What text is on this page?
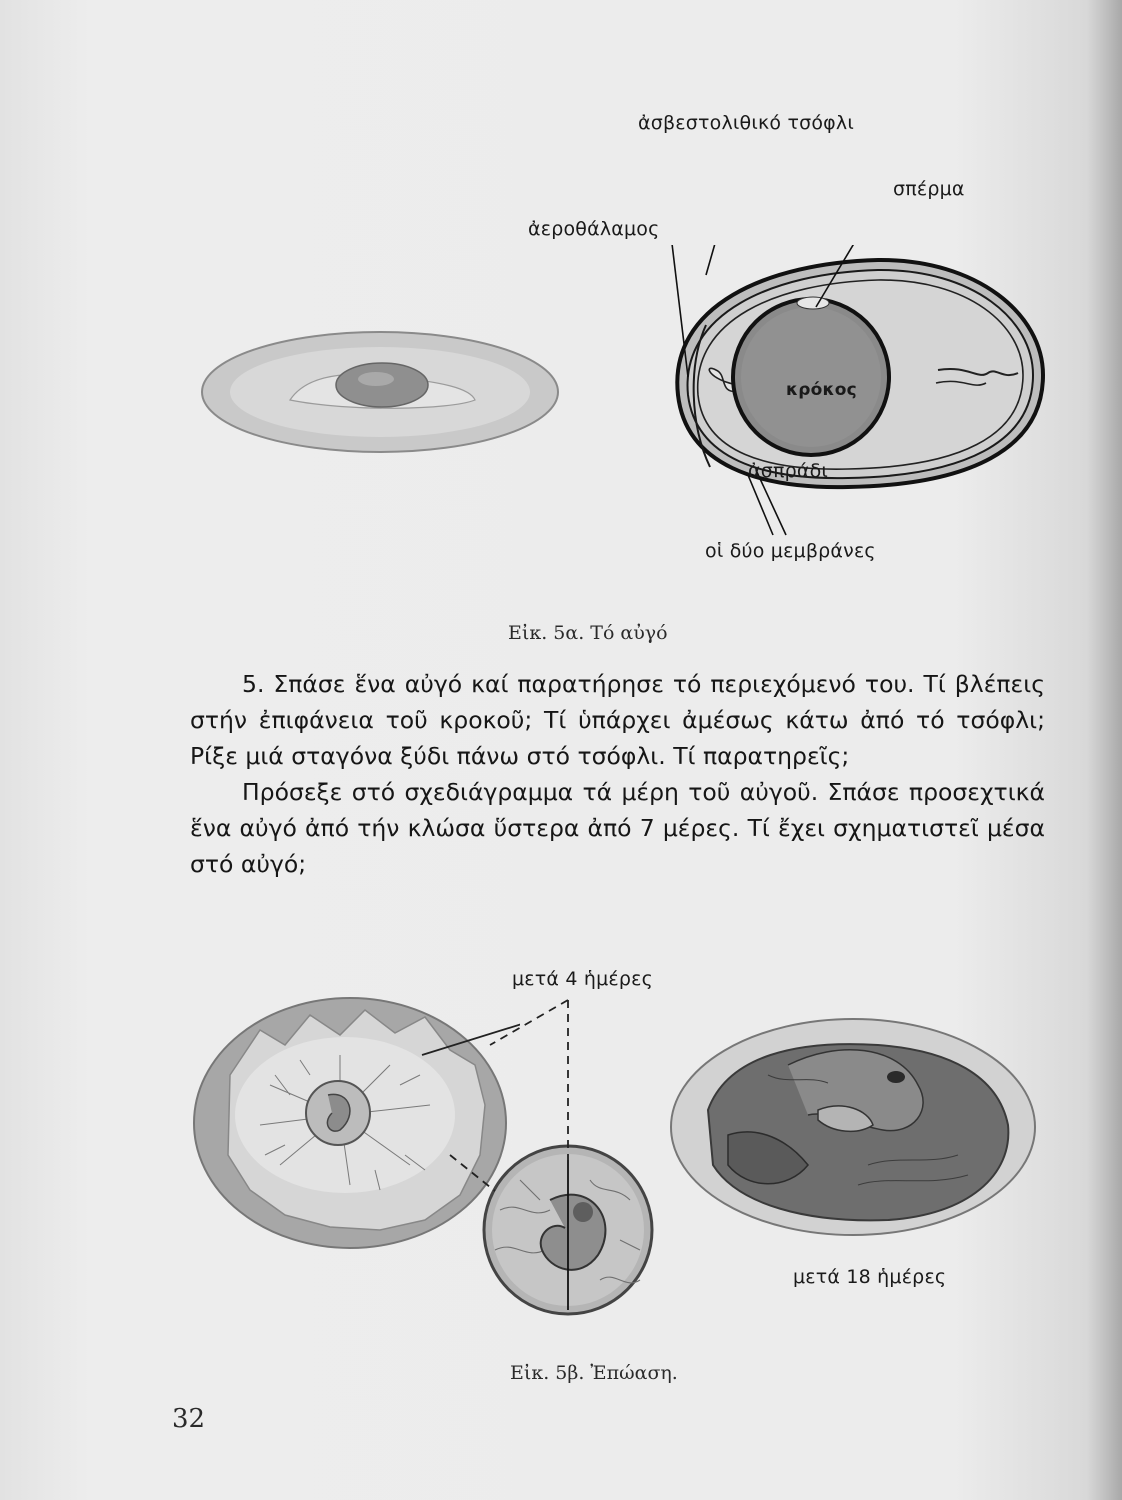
ἀσβεστολιθικό τσόφλι
σπέρμα
ἀεροθάλαμος
κρόκος
ἀσπράδι
οἱ δύο μεμβράνες
Εἰκ. 5α. Τό αὐγό

5. Σπάσε ἕνα αὐγό καί παρατήρησε τό περιεχόμενό του. Τί βλέπεις στήν ἐπιφάνεια τοῦ κροκοῦ; Τί ὑπάρχει ἀμέσως κάτω ἀπό τό τσόφλι; Ρίξε μιά σταγόνα ξύδι πάνω στό τσόφλι. Τί παρατηρεῖς;

Πρόσεξε στό σχεδιάγραμμα τά μέρη τοῦ αὐγοῦ. Σπάσε προσεχτικά ἕνα αὐγό ἀπό τήν κλώσα ὕστερα ἀπό 7 μέρες. Τί ἔχει σχηματιστεῖ μέσα στό αὐγό;

μετά 4 ἡμέρες
μετά 18 ἡμέρες
Εἰκ. 5β. Ἐπώαση.
32
